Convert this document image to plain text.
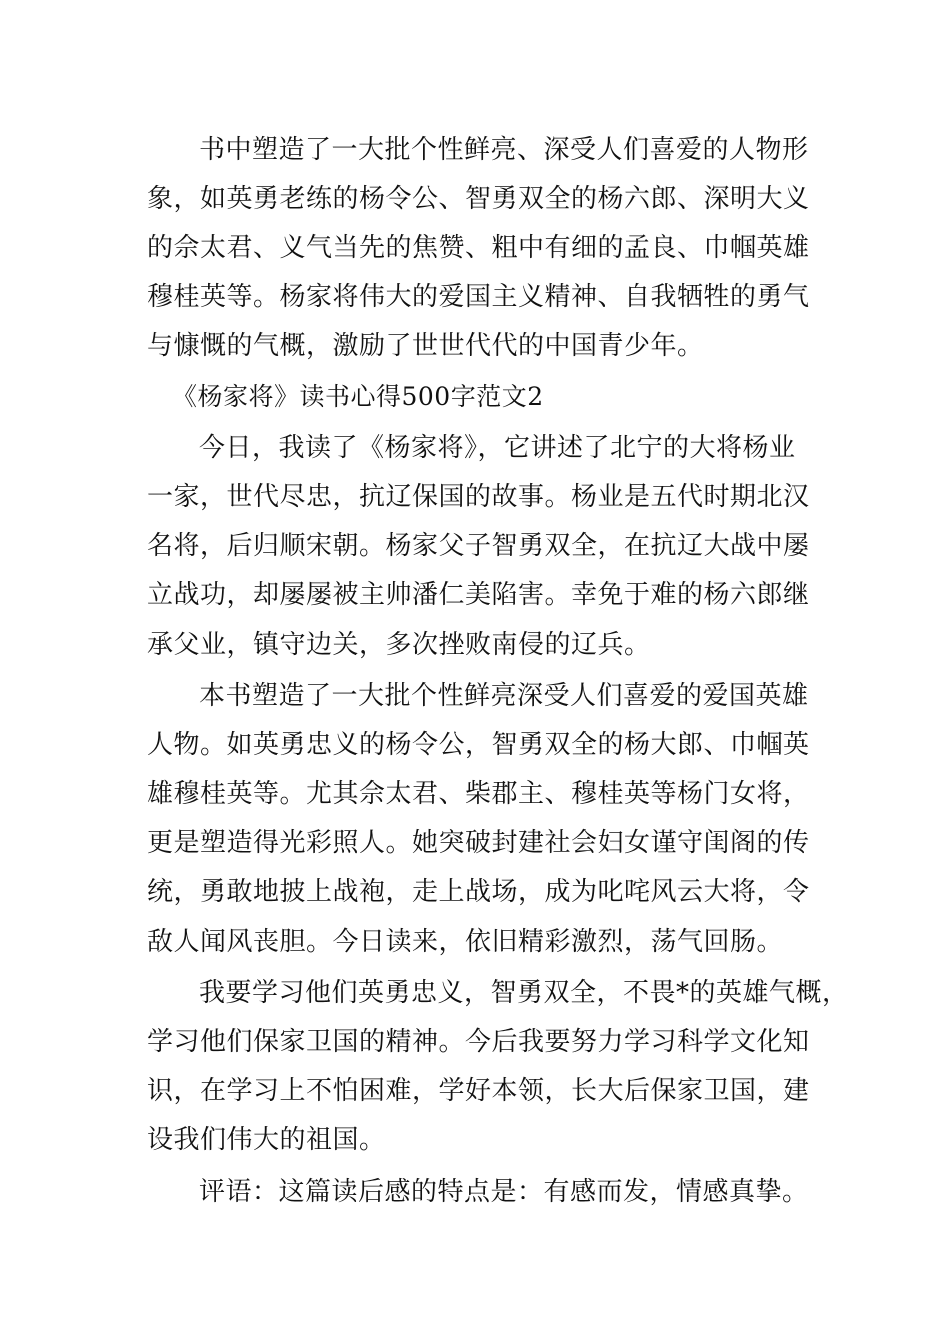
书中塑造了一大批个性鲜亮、深受人们喜爱的人物形
象，如英勇老练的杨令公、智勇双全的杨六郎、深明大义
的佘太君、义气当先的焦赞、粗中有细的孟良、巾帼英雄
穆桂英等。杨家将伟大的爱国主义精神、自我牺牲的勇气
与慷慨的气概，激励了世世代代的中国青少年。
《杨家将》读书心得500字范文2
今日，我读了《杨家将》，它讲述了北宁的大将杨业
一家，世代尽忠，抗辽保国的故事。杨业是五代时期北汉
名将，后归顺宋朝。杨家父子智勇双全，在抗辽大战中屡
立战功，却屡屡被主帅潘仁美陷害。幸免于难的杨六郎继
承父业，镇守边关，多次挫败南侵的辽兵。
本书塑造了一大批个性鲜亮深受人们喜爱的爱国英雄
人物。如英勇忠义的杨令公，智勇双全的杨大郎、巾帼英
雄穆桂英等。尤其佘太君、柴郡主、穆桂英等杨门女将，
更是塑造得光彩照人。她突破封建社会妇女谨守闺阁的传
统，勇敢地披上战袍，走上战场，成为叱咤风云大将，令
敌人闻风丧胆。今日读来，依旧精彩激烈，荡气回肠。
我要学习他们英勇忠义，智勇双全，不畏*的英雄气概，
学习他们保家卫国的精神。今后我要努力学习科学文化知
识，在学习上不怕困难，学好本领，长大后保家卫国，建
设我们伟大的祖国。
评语：这篇读后感的特点是：有感而发，情感真挚。
